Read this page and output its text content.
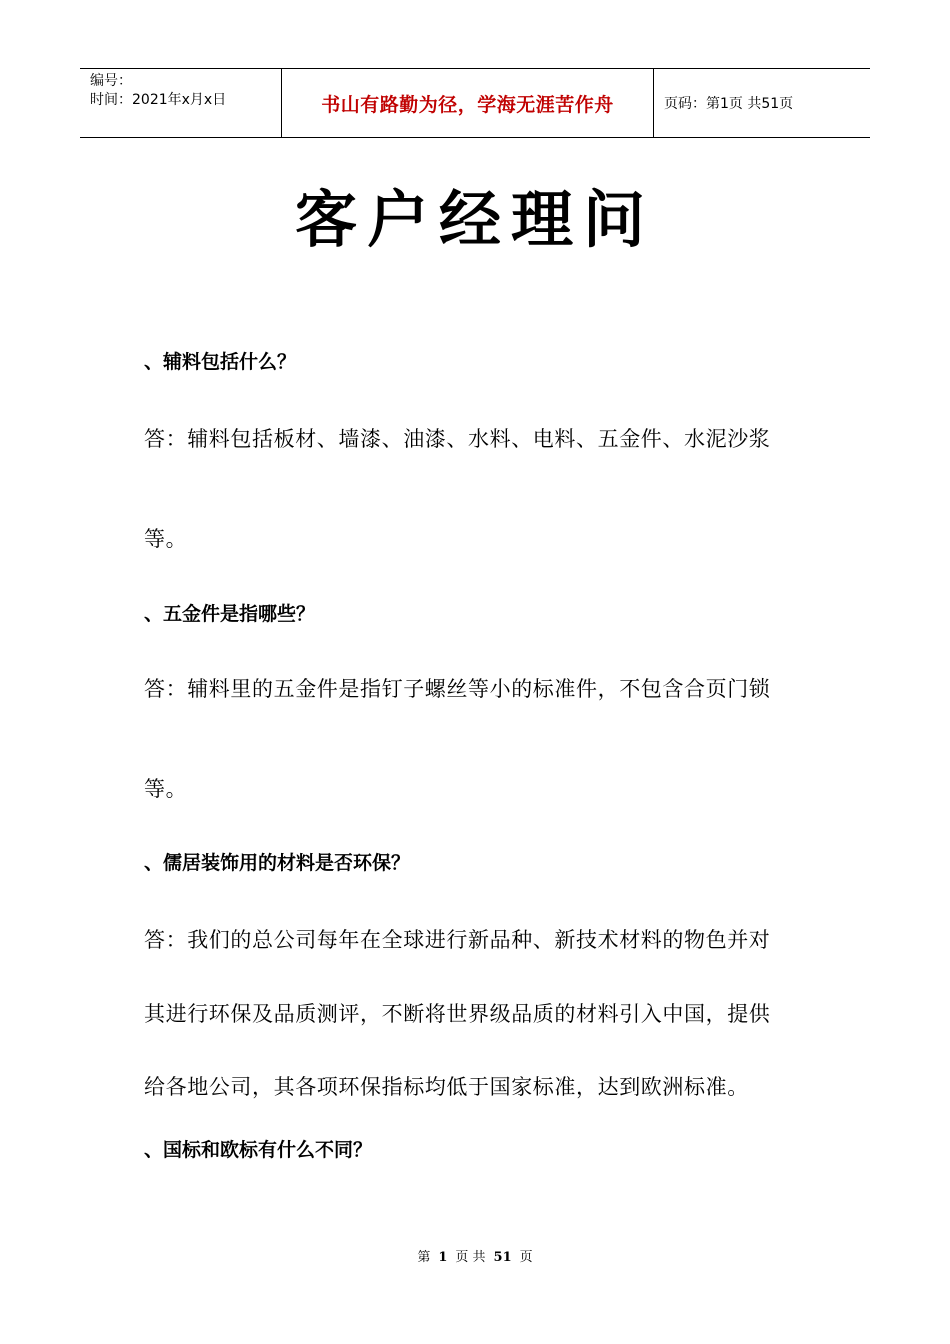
编号：
时间：2021年x月x日	书山有路勤为径，学海无涯苦作舟	页码：第1页 共51页
客户经理问
、辅料包括什么？
答：辅料包括板材、墙漆、油漆、水料、电料、五金件、水泥沙浆
等。
、五金件是指哪些？
答：辅料里的五金件是指钉子螺丝等小的标准件，不包含合页门锁
等。
、儒居装饰用的材料是否环保？
答：我们的总公司每年在全球进行新品种、新技术材料的物色并对
其进行环保及品质测评，不断将世界级品质的材料引入中国，提供
给各地公司，其各项环保指标均低于国家标准，达到欧洲标准。
、国标和欧标有什么不同？
第 1 页 共 51 页
